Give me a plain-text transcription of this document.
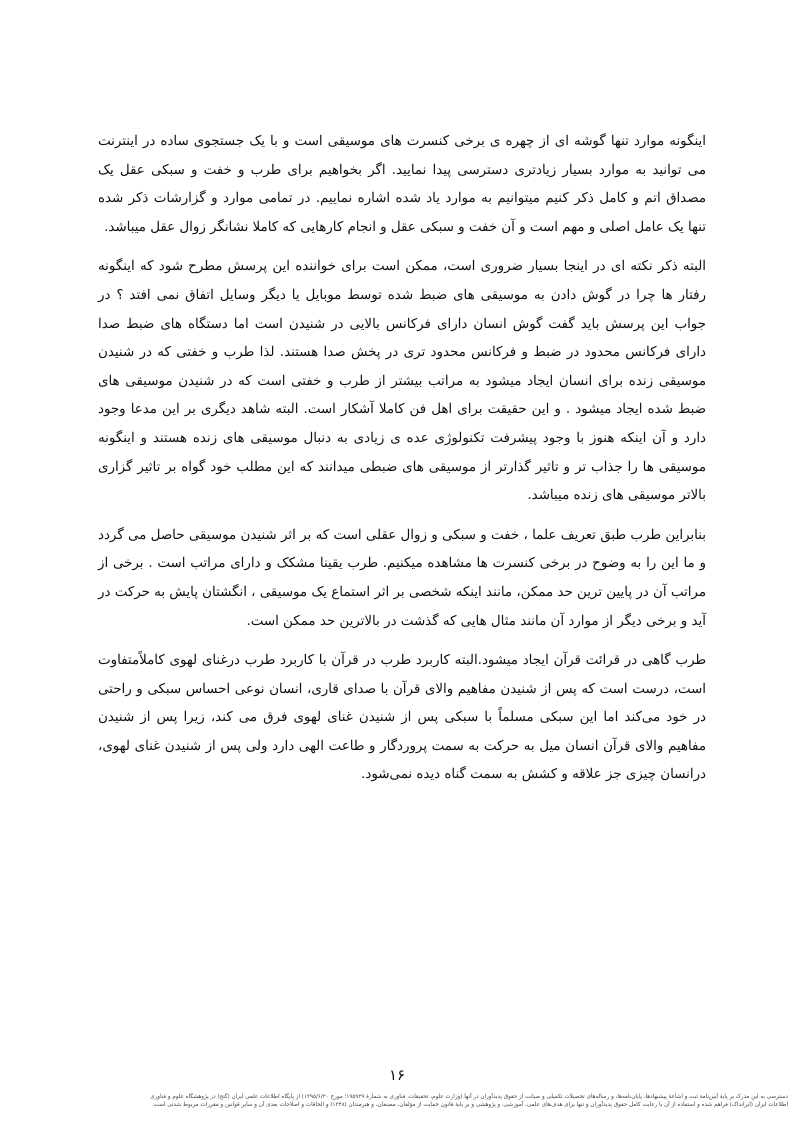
اینگونه موارد تنها گوشه ای از چهره ی برخی کنسرت های موسیقی است و با یک جستجوی ساده در اینترنت می توانید به موارد بسیار زیادتری دسترسی پیدا نمایید. اگر بخواهیم برای طرب و خفت و سبکی عقل یک مصداق اتم و کامل ذکر کنیم میتوانیم به موارد یاد شده اشاره نماییم. در تمامی موارد و گزارشات ذکر شده تنها یک عامل اصلی و مهم است و آن خفت و سبکی عقل و انجام کارهایی که کاملا نشانگر زوال عقل میباشد.

البته ذکر نکته ای در اینجا بسیار ضروری است، ممکن است برای خواننده این پرسش مطرح شود که اینگونه رفتار ها چرا در گوش دادن به موسیقی های ضبط شده توسط موبایل یا دیگر وسایل اتفاق نمی افتد ؟ در جواب این پرسش باید گفت گوش انسان دارای فرکانس بالایی در شنیدن است اما دستگاه های ضبط صدا دارای فرکانس محدود در ضبط و فرکانس محدود تری در پخش صدا هستند. لذا طرب و خفتی که در شنیدن موسیقی زنده برای انسان ایجاد میشود به مراتب بیشتر از طرب و خفتی است که در شنیدن موسیقی های ضبط شده ایجاد میشود . و این حقیقت برای اهل فن کاملا آشکار است. البته شاهد دیگری بر این مدعا وجود دارد و آن اینکه هنوز با وجود پیشرفت تکنولوژی عده ی زیادی به دنبال موسیقی های زنده هستند و اینگونه موسیقی ها را جذاب تر و تاثیر گذارتر از موسیقی های ضبطی میدانند که این مطلب خود گواه بر تاثیر گزاری بالاتر موسیقی های زنده میباشد.

بنابراین طرب طبق تعریف علما ، خفت و سبکی و زوال عقلی است که بر اثر شنیدن موسیقی حاصل می گردد و ما این را به وضوح در برخی کنسرت ها مشاهده میکنیم. طرب یقینا مشکک و دارای مراتب است . برخی از مراتب آن در پایین ترین حد ممکن، مانند اینکه شخصی بر اثر استماع یک موسیقی ، انگشتان پایش به حرکت در آید و برخی دیگر از موارد آن مانند مثال هایی که گذشت در بالاترین حد ممکن است.

طرب گاهی در قرائت قرآن ایجاد میشود.البته کاربرد طرب در قرآن با کاربرد طرب درغنای لهوی کاملاًمتفاوت است، درست است که پس از شنیدن مفاهیم والای قرآن با صدای قاری، انسان نوعی احساس سبکی و راحتی در خود می‌کند اما این سبکی مسلماً با سبکی پس از شنیدن غنای لهوی فرق می کند، زیرا پس از شنیدن مفاهیم والای قرآن انسان میل به حرکت به سمت پروردگار و طاعت الهی دارد ولی پس از شنیدن غنای لهوی، درانسان چیزی جز علاقه و کشش به سمت گناه دیده نمی‌شود.

۱۶
دسترسی به این مدرک بر پایهٔ آیین‌نامهٔ ثبت و اشاعهٔ پیشنهادها، پایان‌نامه‌ها، و رساله‌های تحصیلات تکمیلی و صیانت از حقوق پدیدآوران در آنها (وزارت علوم، تحقیقات، فناوری به شمارهٔ ۱۹۵۹۲۹؛ مورخ ۱۳۹۵/۶/۲۰) از پایگاه اطلاعات علمی ایران (گنج) در پژوهشگاه علوم و فناوری
اطلاعات ایران (ایرانداک) فراهم شده و استفاده از آن با رعایت کامل حقوق پدیدآوران و تنها برای هدف‌های علمی، آموزشی، و پژوهشی و بر پایهٔ قانون حمایت از مؤلفان، مصنفان، و هنرمندان (۱۳۴۸) و الحاقات و اصلاحات بعدی آن و سایر قوانین و مقررات مربوط شدنی است.
